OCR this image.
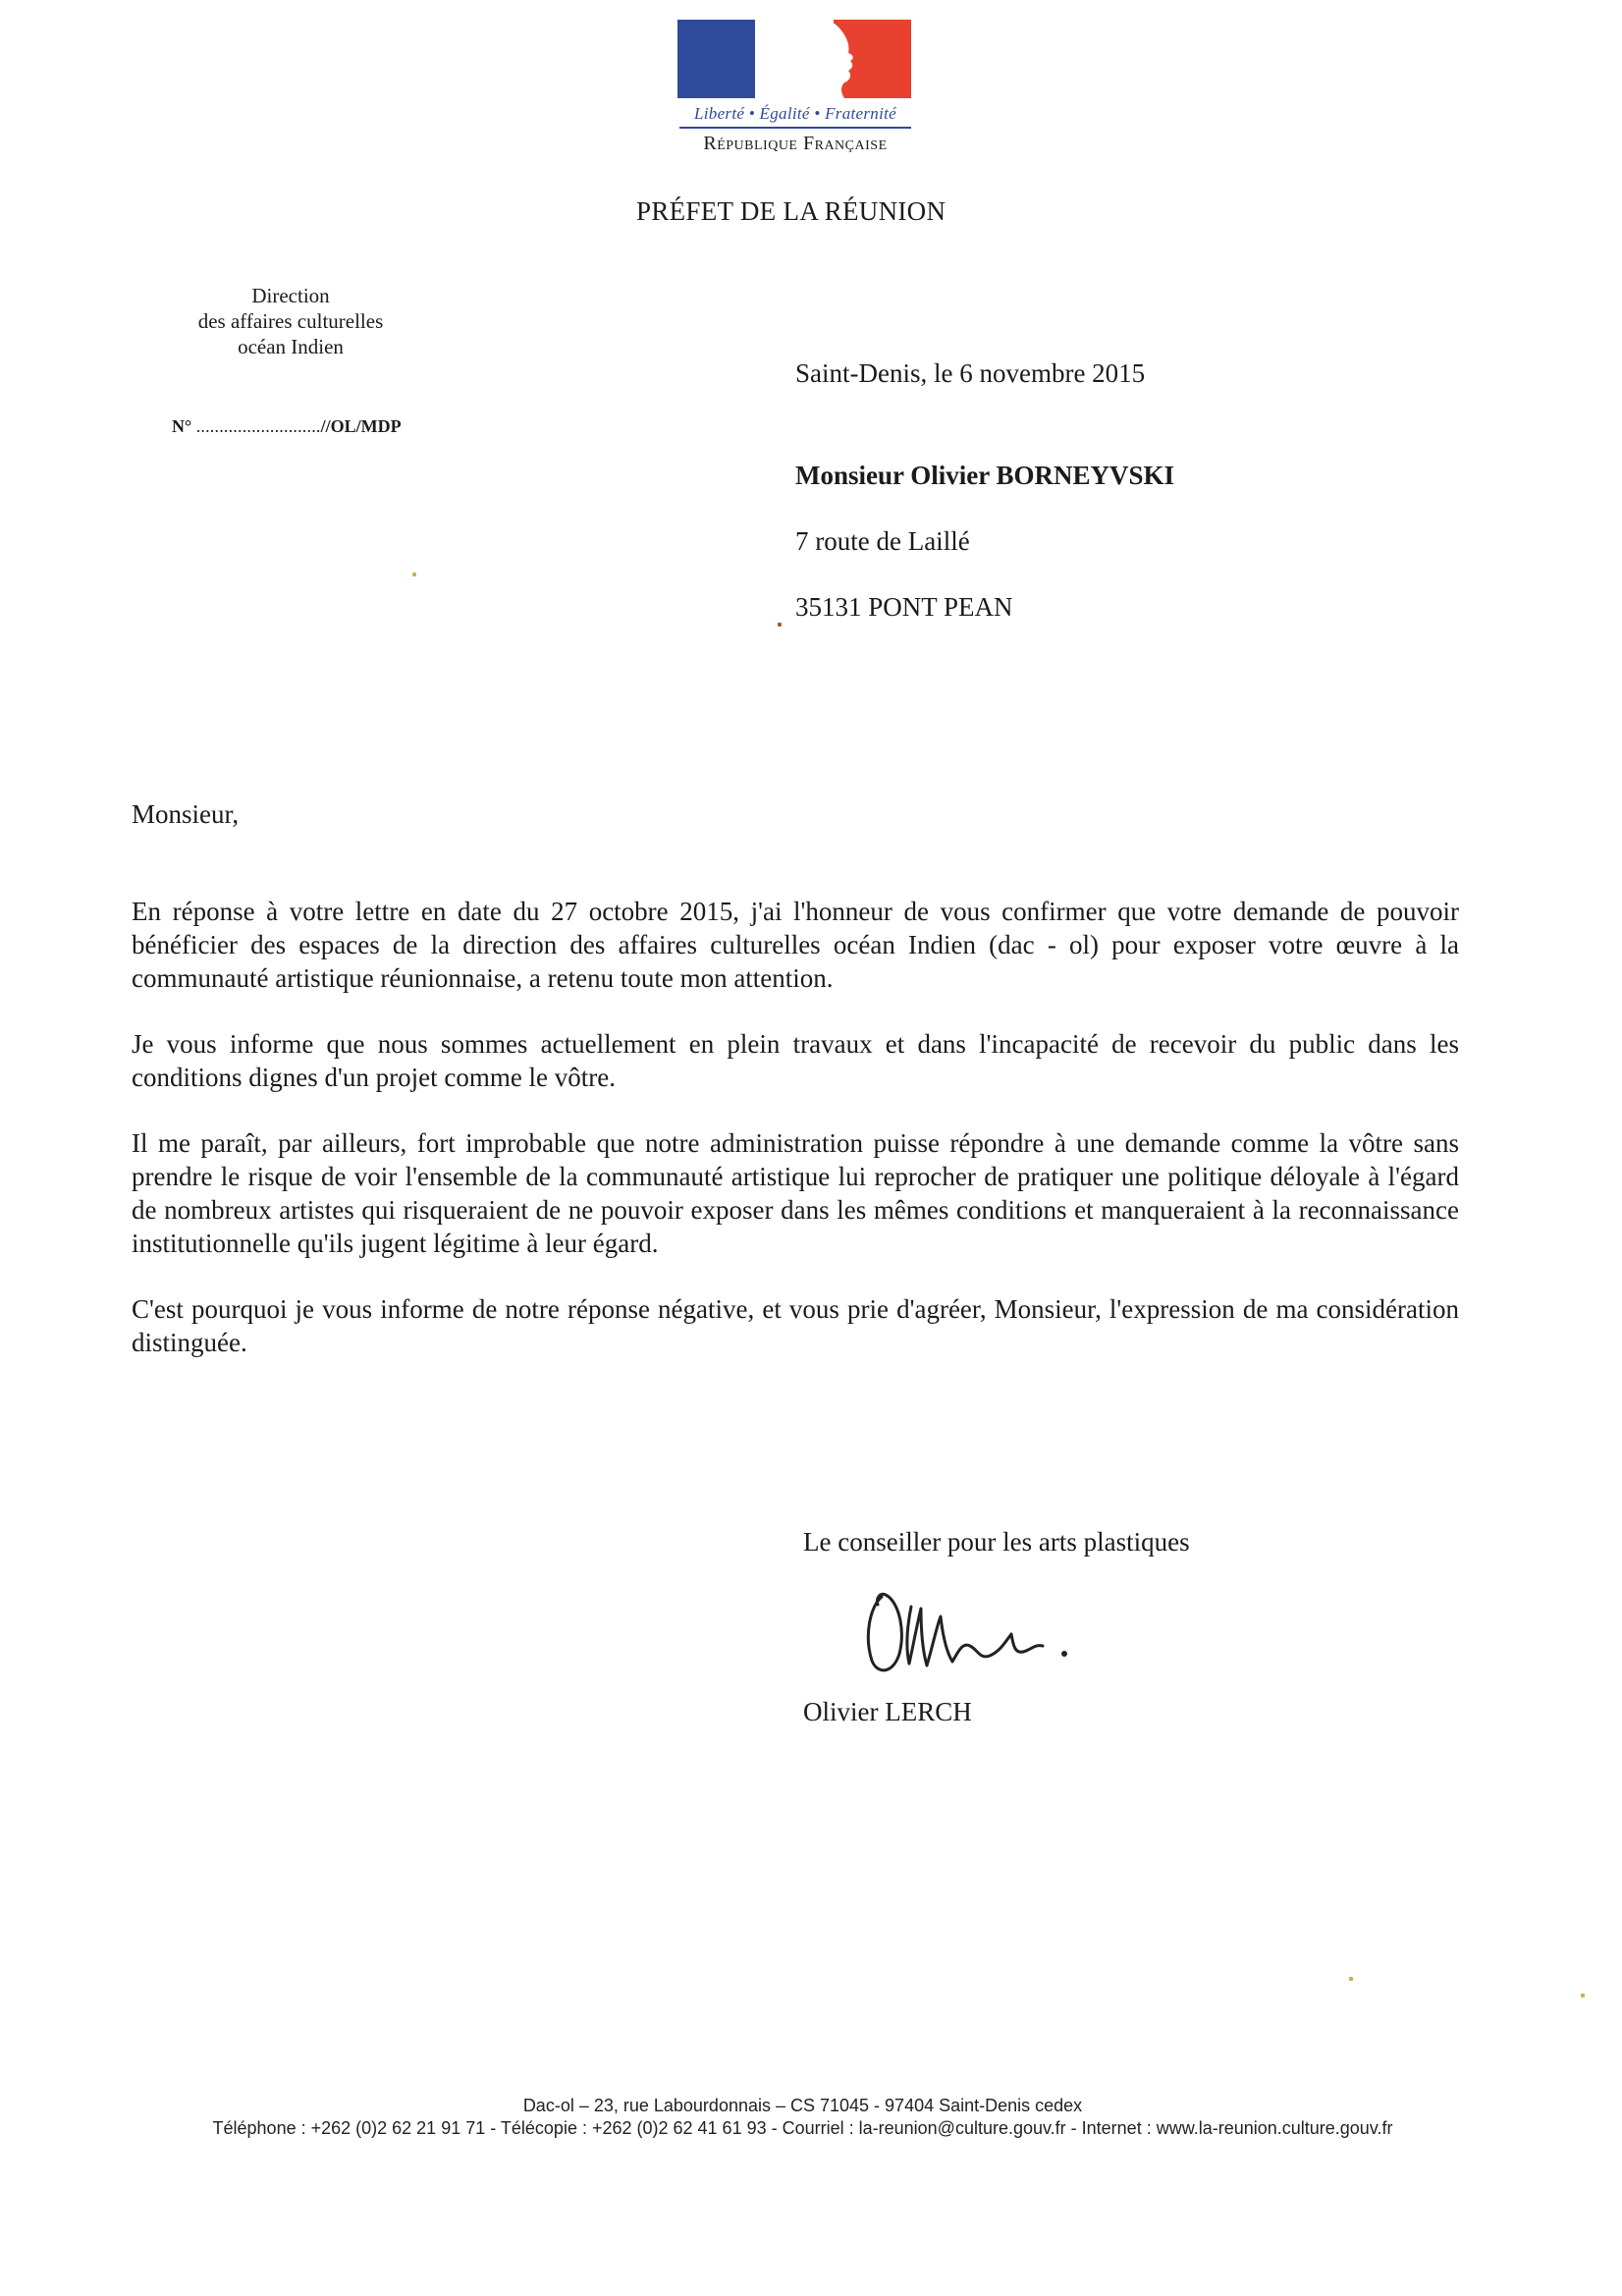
Liberté • Égalité • Fraternité
République Française
PRÉFET DE LA RÉUNION
Direction
des affaires culturelles
océan Indien
N° ...........................//OL/MDP
Saint-Denis, le 6 novembre 2015
Monsieur Olivier BORNEYVSKI
7 route de Laillé
35131 PONT PEAN
Monsieur,

En réponse à votre lettre en date du 27 octobre 2015, j'ai l'honneur de vous confirmer que votre demande de pouvoir bénéficier des espaces de la direction des affaires culturelles océan Indien (dac - ol) pour exposer votre œuvre à la communauté artistique réunionnaise, a retenu toute mon attention.

Je vous informe que nous sommes actuellement en plein travaux et dans l'incapacité de recevoir du public dans les conditions dignes d'un projet comme le vôtre.

Il me paraît, par ailleurs, fort improbable que notre administration puisse répondre à une demande comme la vôtre sans prendre le risque de voir l'ensemble de la communauté artistique lui reprocher de pratiquer une politique déloyale à l'égard de nombreux artistes qui risqueraient de ne pouvoir exposer dans les mêmes conditions et manqueraient à la reconnaissance institutionnelle qu'ils jugent légitime à leur égard.

C'est pourquoi je vous informe de notre réponse négative, et vous prie d'agréer, Monsieur, l'expression de ma considération distinguée.

Le conseiller pour les arts plastiques
Olivier LERCH
Dac-ol – 23, rue Labourdonnais – CS 71045 - 97404 Saint-Denis cedex
Téléphone : +262 (0)2 62 21 91 71 - Télécopie : +262 (0)2 62 41 61 93 - Courriel : la-reunion@culture.gouv.fr - Internet : www.la-reunion.culture.gouv.fr
